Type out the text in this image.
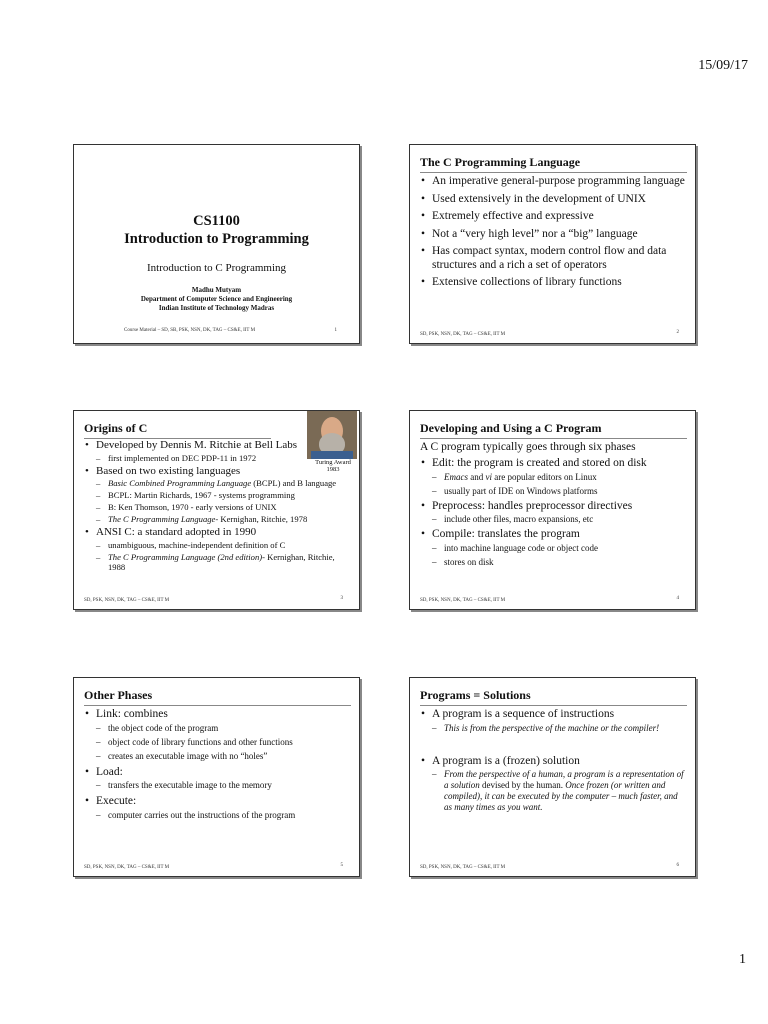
15/09/17
CS1100
Introduction to Programming
Introduction to C Programming
Madhu Mutyam
Department of Computer Science and Engineering
Indian Institute of Technology Madras
Course Material – SD, SB, PSK, NSN, DK, TAG – CS&E, IIT M	1
The C Programming Language
• An imperative general-purpose programming language
• Used extensively in the development of UNIX
• Extremely effective and expressive
• Not a “very high level” nor a “big” language
• Has compact syntax, modern control flow and data structures and a rich a set of operators
• Extensive collections of library functions
SD, PSK, NSN, DK, TAG – CS&E, IIT M	2
Origins of C
Turing Award 1983
• Developed by Dennis M. Ritchie at Bell Labs
– first implemented on DEC PDP-11 in 1972
• Based on two existing languages
– Basic Combined Programming Language (BCPL) and B language
– BCPL: Martin Richards, 1967 - systems programming
– B: Ken Thomson, 1970 - early versions of UNIX
– The C Programming Language- Kernighan, Ritchie, 1978
• ANSI C: a standard adopted in 1990
– unambiguous, machine-independent definition of C
– The C Programming Language (2nd edition)- Kernighan, Ritchie, 1988
SD, PSK, NSN, DK, TAG – CS&E, IIT M	3
Developing and Using a C Program
A C program typically goes through six phases
• Edit: the program is created and stored on disk
– Emacs and vi are popular editors on Linux
– usually part of IDE on Windows platforms
• Preprocess: handles preprocessor directives
– include other files, macro expansions, etc
• Compile: translates the program
– into machine language code or object code
– stores on disk
SD, PSK, NSN, DK, TAG – CS&E, IIT M	4
Other Phases
• Link: combines
– the object code of the program
– object code of library functions and other functions
– creates an executable image with no “holes”
• Load:
– transfers the executable image to the memory
• Execute:
– computer carries out the instructions of the program
SD, PSK, NSN, DK, TAG – CS&E, IIT M	5
Programs = Solutions
• A program is a sequence of instructions
– This is from the perspective of the machine or the compiler!
• A program is a (frozen) solution
– From the perspective of a human, a program is a representation of a solution devised by the human. Once frozen (or written and compiled), it can be executed by the computer – much faster, and as many times as you want.
SD, PSK, NSN, DK, TAG – CS&E, IIT M	6
1
